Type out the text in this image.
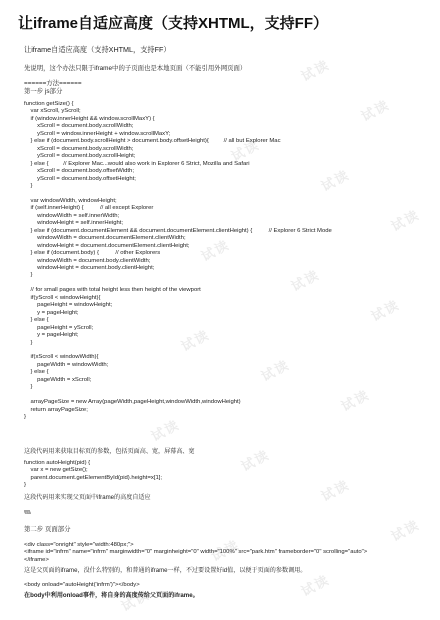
试读
试读
试读
试读
试读
试读
试读
试读
试读
试读
试读
试读
试读
试读
试读
试读
试读
试读
让iframe自适应高度（支持XHTML，支持FF）
让iframe自适应高度（支持XHTML，支持FF）
先说明，这个办法只限于iframe中的子页面也是本地页面（不能引用外网页面）
======方法======
第一步 js部分
function getSize() {
var xScroll, yScroll;
if (window.innerHeight && window.scrollMaxY) {
xScroll = document.body.scrollWidth;
yScroll = window.innerHeight + window.scrollMaxY;
} else if (document.body.scrollHeight > document.body.offsetHeight){         // all but Explorer Mac
xScroll = document.body.scrollWidth;
yScroll = document.body.scrollHeight;
} else {         // Explorer Mac...would also work in Explorer 6 Strict, Mozilla and Safari
xScroll = document.body.offsetWidth;
yScroll = document.body.offsetHeight;
}

var windowWidth, windowHeight;
if (self.innerHeight) {          // all except Explorer
windowWidth = self.innerWidth;
windowHeight = self.innerHeight;
} else if (document.documentElement && document.documentElement.clientHeight) {          // Explorer 6 Strict Mode
windowWidth = document.documentElement.clientWidth;
windowHeight = document.documentElement.clientHeight;
} else if (document.body) {          // other Explorers
windowWidth = document.body.clientWidth;
windowHeight = document.body.clientHeight;
}

// for small pages with total height less then height of the viewport
if(yScroll < windowHeight){
pageHeight = windowHeight;
y = pageHeight;
} else {
pageHeight = yScroll;
y = pageHeight;
}

if(xScroll < windowWidth){
pageWidth = windowWidth;
} else {
pageWidth = xScroll;
}

arrayPageSize = new Array(pageWidth,pageHeight,windowWidth,windowHeight)
return arrayPageSize;
}
这段代码用来获取目标页的参数，包括页面高、宽，屏幕高、宽
function autoHeight(pid) {
var x = new getSize();
parent.document.getElementById(pid).height=x[1];
}
这段代码用来实现父页面中iframe的高度自适应
\\\\\\
第二步 页面部分
<div class="onright" style="width:480px;">
<iframe id="infrm" name="infrm" marginwidth="0" marginheight="0" width="100%" src="park.htm" frameborder="0" scrolling="auto">
</iframe>
这是父页面的iframe，没什么特别的，和普通的iframe一样，不过要设置好id值，以便于页面的参数调用。
<body onload="autoHeight('infrm')"></body>
在body中利用onload事件，将自身的高度传给父页面的iframe。
